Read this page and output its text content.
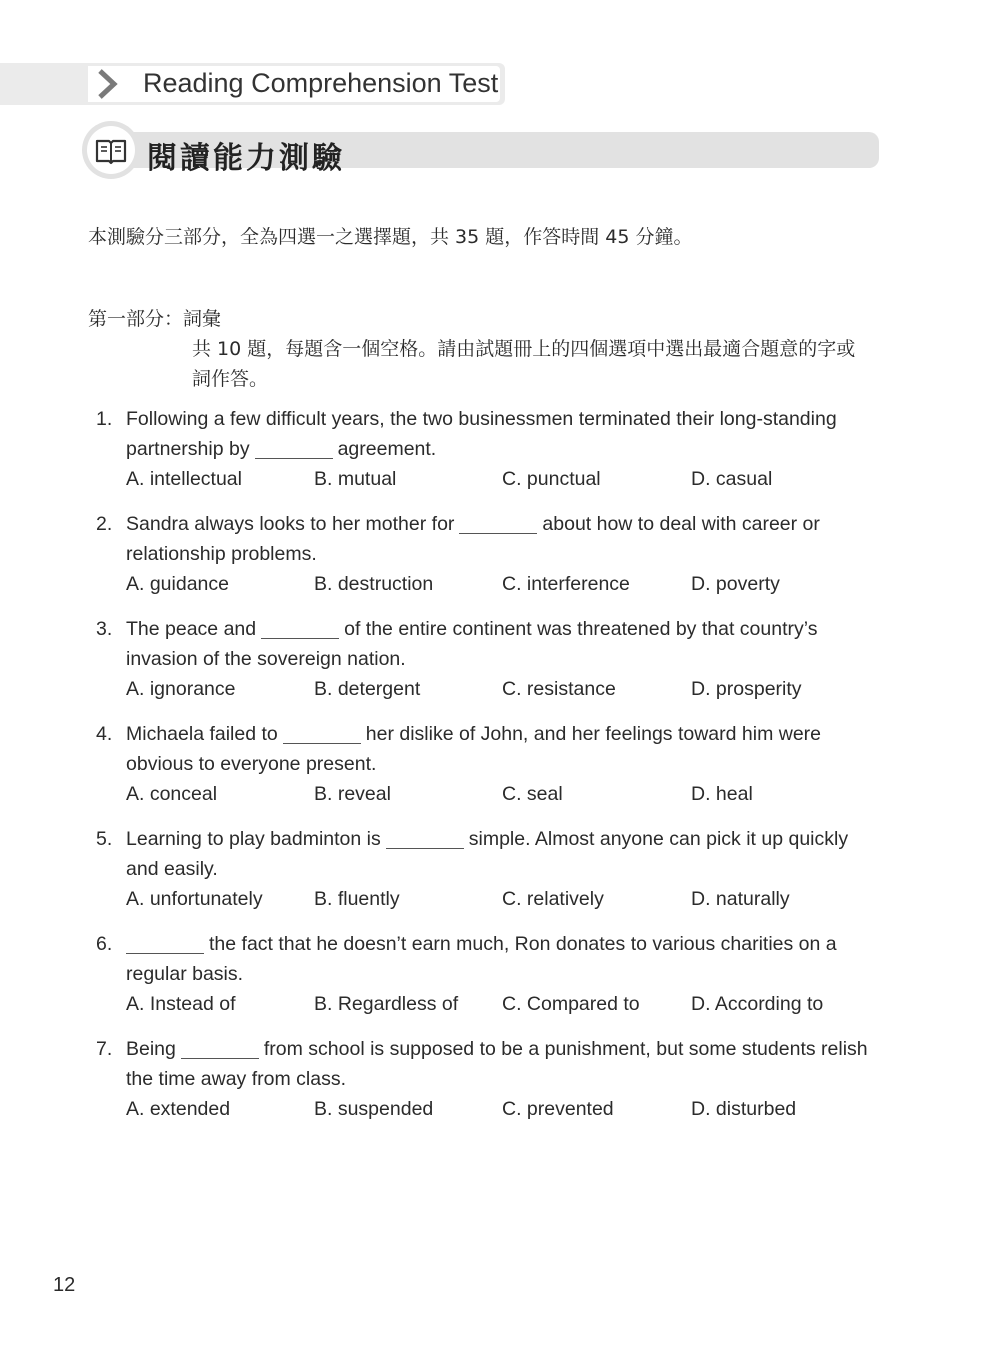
Reading Comprehension Test
閱讀能力測驗
本測驗分三部分，全為四選一之選擇題，共 35 題，作答時間 45 分鐘。
第一部分：詞彙
共 10 題，每題含一個空格。請由試題冊上的四個選項中選出最適合題意的字或
詞作答。
1. Following a few difficult years, the two businessmen terminated their long-standing
partnership by	agreement.
A. intellectual	B. mutual	C. punctual	D. casual
2. Sandra always looks to her mother for	about how to deal with career or
relationship problems.
A. guidance	B. destruction	C. interference	D. poverty
3. The peace and	of the entire continent was threatened by that country’s
invasion of the sovereign nation.
A. ignorance	B. detergent	C. resistance	D. prosperity
4. Michaela failed to	her dislike of John, and her feelings toward him were
obvious to everyone present.
A. conceal	B. reveal	C. seal	D. heal
5. Learning to play badminton is	simple. Almost anyone can pick it up quickly
and easily.
A. unfortunately	B. fluently	C. relatively	D. naturally
6.	the fact that he doesn’t earn much, Ron donates to various charities on a
regular basis.
A. Instead of	B. Regardless of C. Compared to	D. According to
7. Being	from school is supposed to be a punishment, but some students relish
the time away from class.
A. extended	B. suspended	C. prevented	D. disturbed
12
